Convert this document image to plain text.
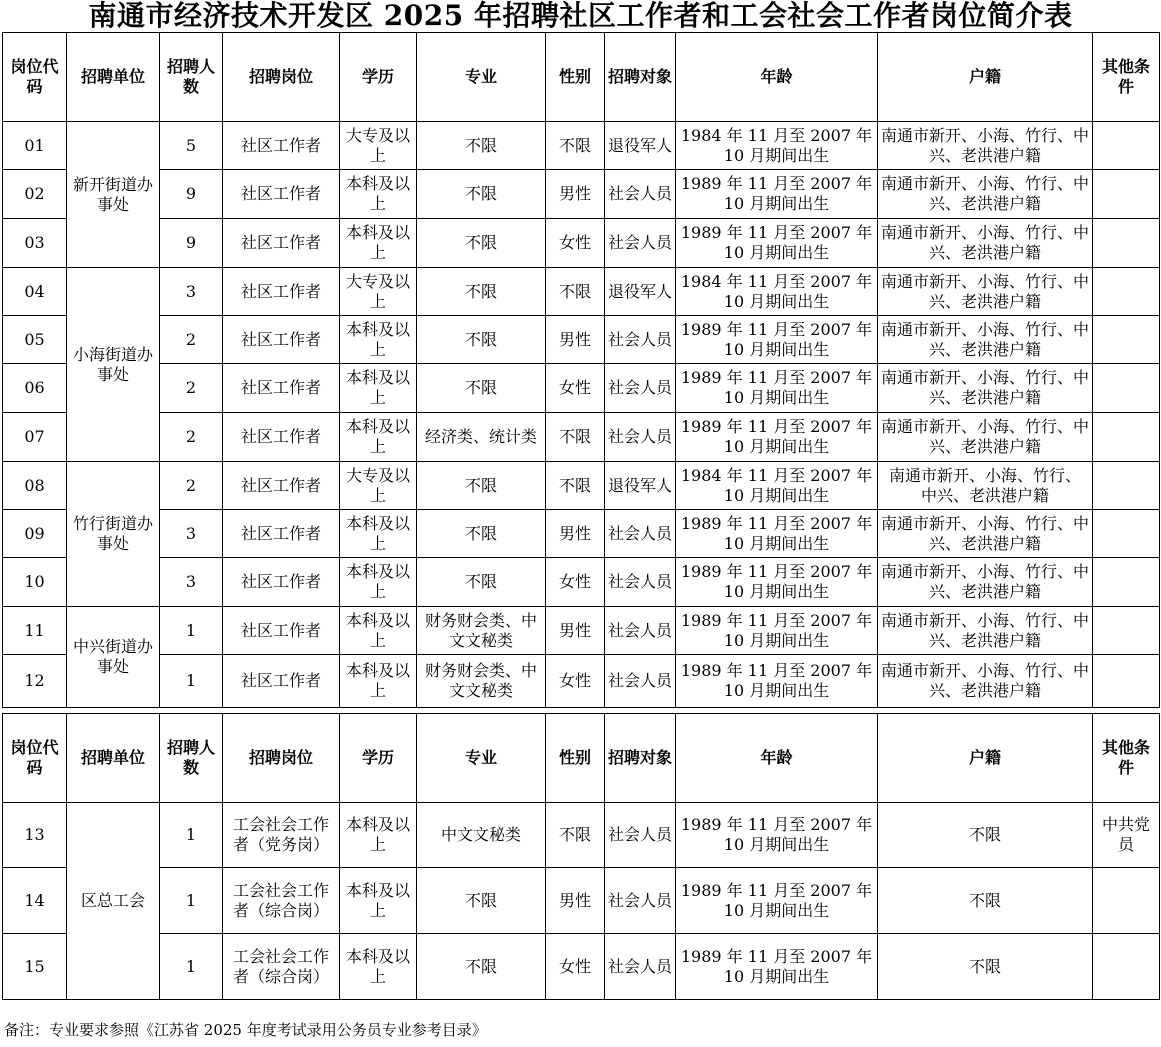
南通市经济技术开发区 2025 年招聘社区工作者和工会社会工作者岗位简介表
岗位代码	招聘单位	招聘人数	招聘岗位	学历	专业	性别	招聘对象	年龄	户籍	其他条件
01	新开街道办事处	5	社区工作者	大专及以上	不限	不限	退役军人	1984 年 11 月至 2007 年 10 月期间出生	南通市新开、小海、竹行、中兴、老洪港户籍	
02		9	社区工作者	本科及以上	不限	男性	社会人员	1989 年 11 月至 2007 年 10 月期间出生	南通市新开、小海、竹行、中兴、老洪港户籍	
03		9	社区工作者	本科及以上	不限	女性	社会人员	1989 年 11 月至 2007 年 10 月期间出生	南通市新开、小海、竹行、中兴、老洪港户籍	
04	小海街道办事处	3	社区工作者	大专及以上	不限	不限	退役军人	1984 年 11 月至 2007 年 10 月期间出生	南通市新开、小海、竹行、中兴、老洪港户籍	
05		2	社区工作者	本科及以上	不限	男性	社会人员	1989 年 11 月至 2007 年 10 月期间出生	南通市新开、小海、竹行、中兴、老洪港户籍	
06		2	社区工作者	本科及以上	不限	女性	社会人员	1989 年 11 月至 2007 年 10 月期间出生	南通市新开、小海、竹行、中兴、老洪港户籍	
07		2	社区工作者	本科及以上	经济类、统计类	不限	社会人员	1989 年 11 月至 2007 年 10 月期间出生	南通市新开、小海、竹行、中兴、老洪港户籍	
08	竹行街道办事处	2	社区工作者	大专及以上	不限	不限	退役军人	1984 年 11 月至 2007 年 10 月期间出生	南通市新开、小海、竹行、 中兴、老洪港户籍	
09		3	社区工作者	本科及以上	不限	男性	社会人员	1989 年 11 月至 2007 年 10 月期间出生	南通市新开、小海、竹行、中兴、老洪港户籍	
10		3	社区工作者	本科及以上	不限	女性	社会人员	1989 年 11 月至 2007 年 10 月期间出生	南通市新开、小海、竹行、中兴、老洪港户籍	
11	中兴街道办事处	1	社区工作者	本科及以上	财务财会类、中文文秘类	男性	社会人员	1989 年 11 月至 2007 年 10 月期间出生	南通市新开、小海、竹行、中兴、老洪港户籍	
12		1	社区工作者	本科及以上	财务财会类、中文文秘类	女性	社会人员	1989 年 11 月至 2007 年 10 月期间出生	南通市新开、小海、竹行、中兴、老洪港户籍	
岗位代码	招聘单位	招聘人数	招聘岗位	学历	专业	性别	招聘对象	年龄	户籍	其他条件
13	区总工会	1	工会社会工作者（党务岗）	本科及以上	中文文秘类	不限	社会人员	1989 年 11 月至 2007 年 10 月期间出生	不限	中共党员
14		1	工会社会工作者（综合岗）	本科及以上	不限	男性	社会人员	1989 年 11 月至 2007 年 10 月期间出生	不限	
15		1	工会社会工作者（综合岗）	本科及以上	不限	女性	社会人员	1989 年 11 月至 2007 年 10 月期间出生	不限	
备注：专业要求参照《江苏省 2025 年度考试录用公务员专业参考目录》
